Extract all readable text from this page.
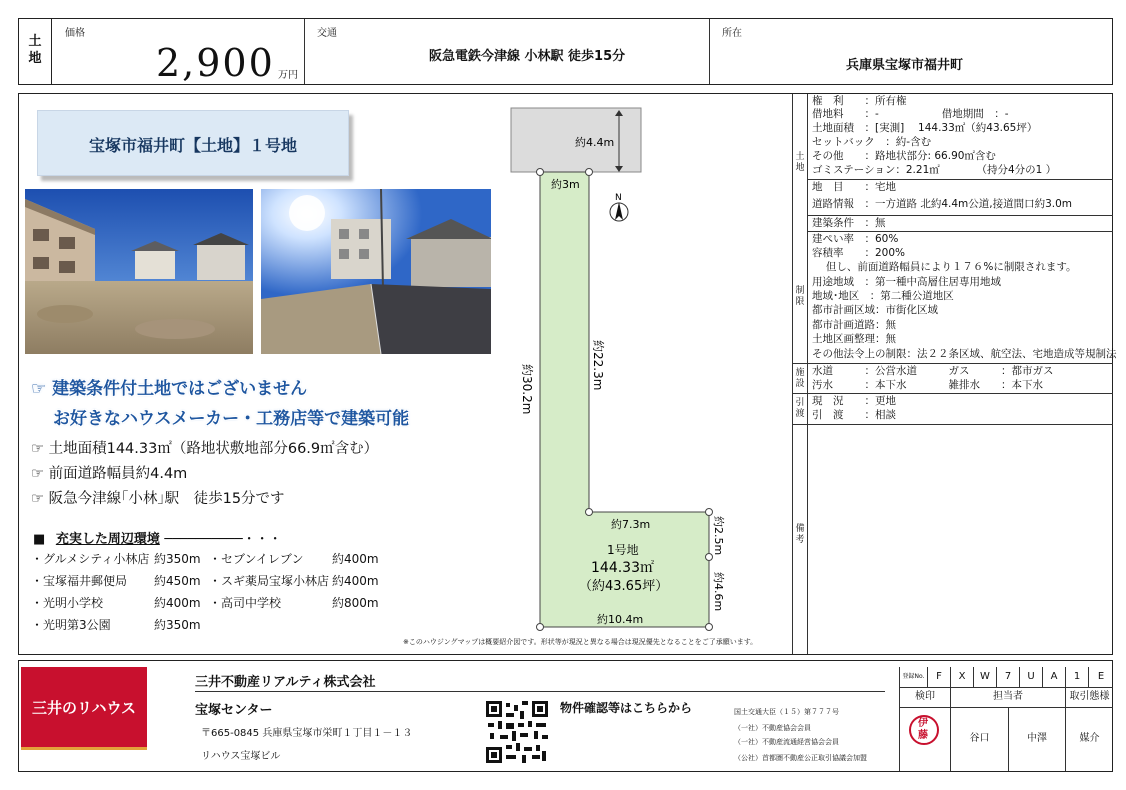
土地
価格
2,900 万円
交通
阪急電鉄今津線 小林駅 徒歩15分
所在
兵庫県宝塚市福井町
宝塚市福井町【土地】１号地
☞ 建築条件付土地ではございません
お好きなハウスメーカー・工務店等で建築可能
☞ 土地面積144.33㎡（路地状敷地部分66.9㎡含む）
☞ 前面道路幅員約4.4m
☞ 阪急今津線｢小林｣駅　徒歩15分です
■ 充実した周辺環境 ──────────・・・
・グルメシティ小林店 約350m ・セブンイレブン 約400m
・宝塚福井郵便局 約450m ・スギ薬局宝塚小林店 約400m
・光明小学校	約400m ・高司中学校	約800m
・光明第3公園	約350m
N
約4.4m
約3m
約30.2m	約22.3m
約7.3m	約2.5m
約4.6m
約10.4m
1号地
144.33㎡
（約43.65坪）
※このハウジングマップは概要紹介図です。形状等が現況と異なる場合は現況優先となることをご了承願います。
権　利　　：所有権
借地料　　：-　　　　　　借地期間　：-
土地面積　：[実測]　 144.33㎡（約43.65坪）
セットバック　：約-含む
その他　　：路地状部分: 66.90㎡含む
ゴミステーション：2.21㎡　　　　（持分4分の1 ）
地　目　　：宅地
道路情報　：一方道路 北約4.4m公道,接道間口約3.0m
建築条件　：無
建ぺい率　：60%
容積率　　：200%
　 但し、前面道路幅員により１７６%に制限されます。
用途地域　：第一種中高層住居専用地域
地域･地区　：第二種公道地区
都市計画区域：市街化区域
都市計画道路：無
土地区画整理：無
その他法令上の制限：法２２条区域、航空法、宅地造成等規制法
水道　　　：公営水道　　　ガス　　　：都市ガス
汚水　　　：本下水　　　　雑排水　　：本下水
現　況　　：更地
引　渡　　：相談
土地
制限
施設
引渡
備考
三井のリハウス
三井不動産リアルティ株式会社
宝塚センター
〒665-0845 兵庫県宝塚市栄町１丁目１－１３
リハウス宝塚ビル
物件確認等はこちらから	国土交通大臣（１５）第７７７号
（一社）不動産協会会員
（一社）不動産流通経営協会会員
（公社）首都圏不動産公正取引協議会加盟
登録No.	F	X	W	7	U	A	1	E
検印	担当者	取引態様
伊藤	谷口	中澤	媒介
